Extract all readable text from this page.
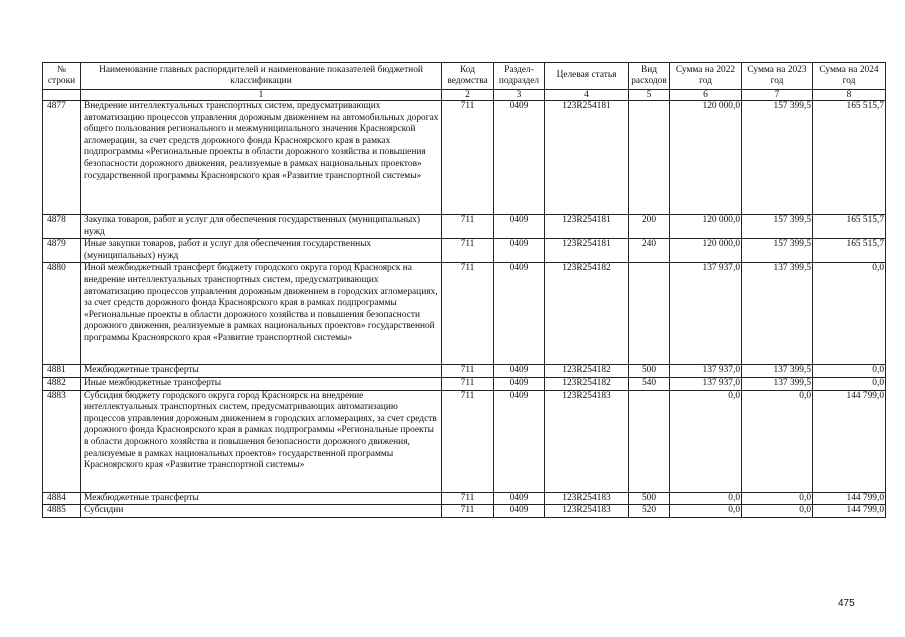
№ строки	Наименование главных распорядителей и наименование показателей бюджетной классификации	Код ведомства	Раздел-подраздел	Целевая статья	Вид расходов	Сумма на 2022 год	Сумма на 2023 год	Сумма на 2024 год
	1	2	3	4	5	6	7	8
4877	Внедрение интеллектуальных транспортных систем, предусматривающих автоматизацию процессов управления дорожным движением на автомобильных дорогах общего пользования регионального и межмуниципального значения Красноярской агломерации, за счет средств дорожного фонда Красноярского края в рамках подпрограммы «Региональные проекты в области дорожного хозяйства и повышения безопасности дорожного движения, реализуемые в рамках национальных проектов» государственной программы Красноярского края «Развитие транспортной системы»	711	0409	123R254181		120 000,0	157 399,5	165 515,7
4878	Закупка товаров, работ и услуг для обеспечения государственных (муниципальных) нужд	711	0409	123R254181	200	120 000,0	157 399,5	165 515,7
4879	Иные закупки товаров, работ и услуг для обеспечения государственных (муниципальных) нужд	711	0409	123R254181	240	120 000,0	157 399,5	165 515,7
4880	Иной межбюджетный трансферт бюджету городского округа город Красноярск на внедрение интеллектуальных транспортных систем, предусматривающих автоматизацию процессов управления дорожным движением в городских агломерациях, за счет средств дорожного фонда Красноярского края в рамках подпрограммы «Региональные проекты в области дорожного хозяйства и повышения безопасности дорожного движения, реализуемые в рамках национальных проектов» государственной программы Красноярского края «Развитие транспортной системы»	711	0409	123R254182		137 937,0	137 399,5	0,0
4881	Межбюджетные трансферты	711	0409	123R254182	500	137 937,0	137 399,5	0,0
4882	Иные межбюджетные трансферты	711	0409	123R254182	540	137 937,0	137 399,5	0,0
4883	Субсидия бюджету городского округа город Красноярск на внедрение интеллектуальных транспортных систем, предусматривающих автоматизацию процессов управления дорожным движением в городских агломерациях, за счет средств дорожного фонда Красноярского края в рамках подпрограммы «Региональные проекты в области дорожного хозяйства и повышения безопасности дорожного движения, реализуемые в рамках национальных проектов» государственной программы Красноярского края «Развитие транспортной системы»	711	0409	123R254183		0,0	0,0	144 799,0
4884	Межбюджетные трансферты	711	0409	123R254183	500	0,0	0,0	144 799,0
4885	Субсидии	711	0409	123R254183	520	0,0	0,0	144 799,0
475
